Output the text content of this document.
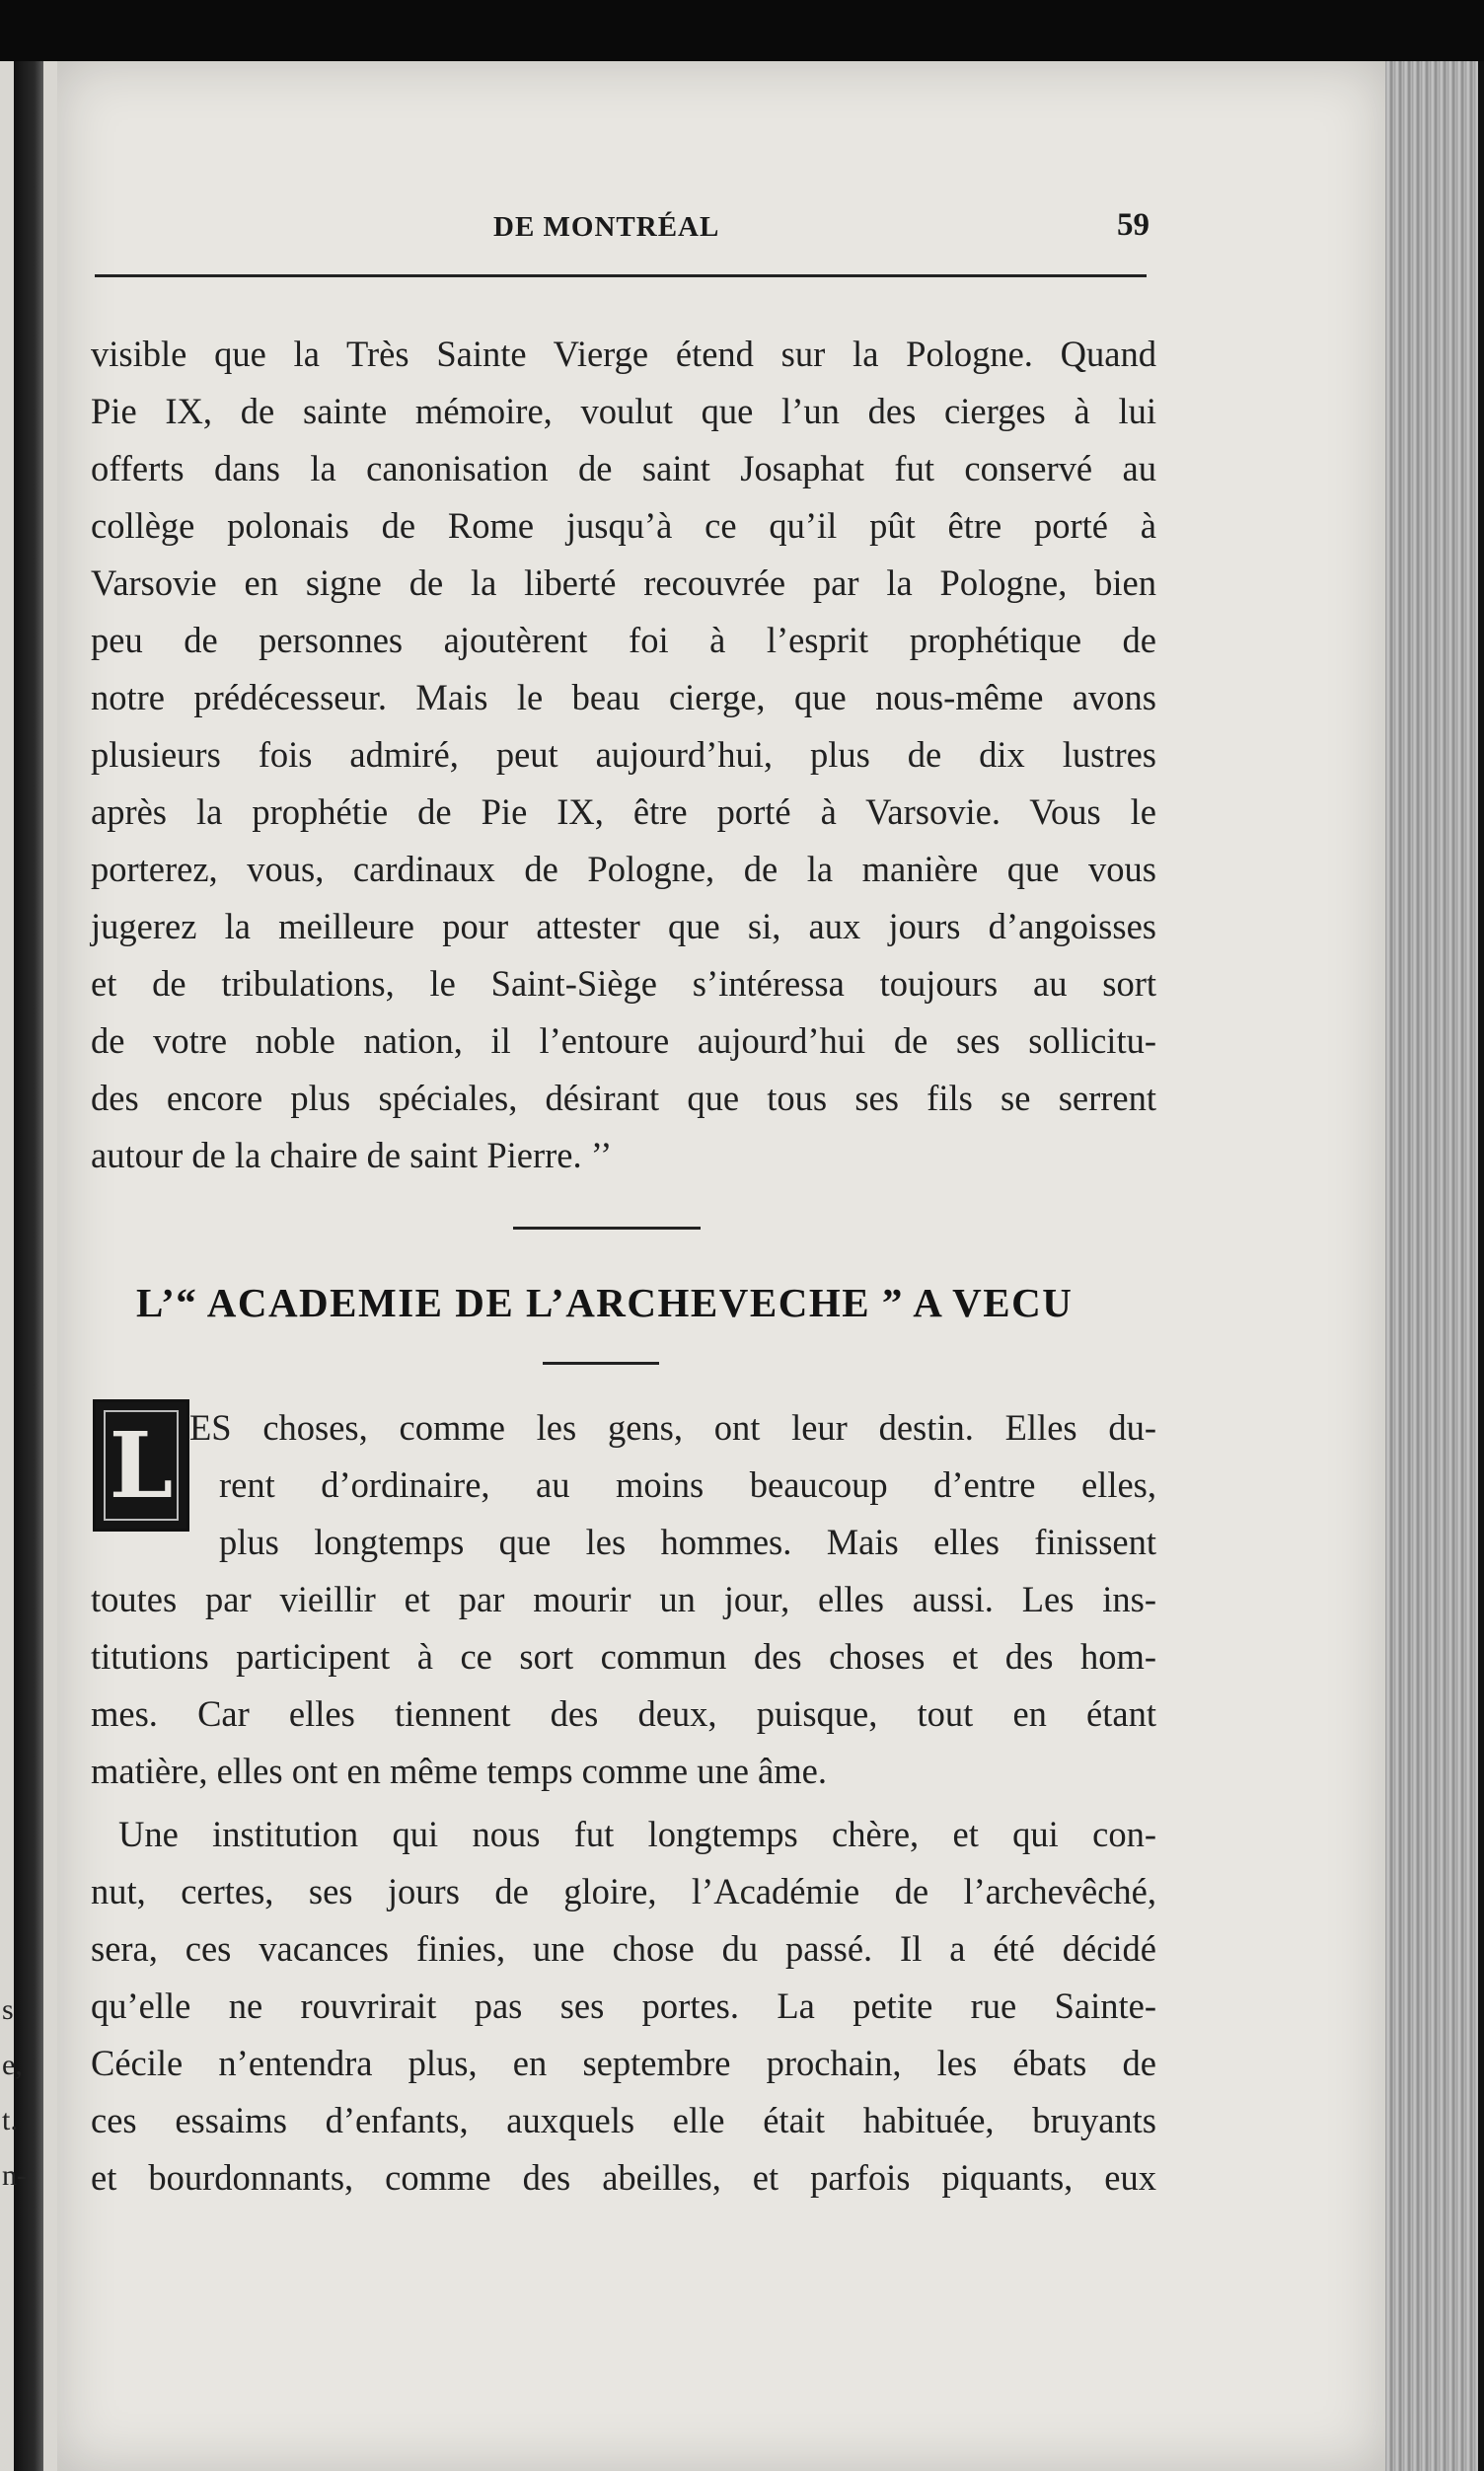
DE MONTRÉAL	59
visible que la Très Sainte Vierge étend sur la Pologne. Quand
Pie IX, de sainte mémoire, voulut que l’un des cierges à lui
offerts dans la canonisation de saint Josaphat fut conservé au
collège polonais de Rome jusqu’à ce qu’il pût être porté à
Varsovie en signe de la liberté recouvrée par la Pologne, bien
peu de personnes ajoutèrent foi à l’esprit prophétique de
notre prédécesseur. Mais le beau cierge, que nous-même avons
plusieurs fois admiré, peut aujourd’hui, plus de dix lustres
après la prophétie de Pie IX, être porté à Varsovie. Vous le
porterez, vous, cardinaux de Pologne, de la manière que vous
jugerez la meilleure pour attester que si, aux jours d’angoisses
et de tribulations, le Saint-Siège s’intéressa toujours au sort
de votre noble nation, il l’entoure aujourd’hui de ses sollicitu-
des encore plus spéciales, désirant que tous ses fils se serrent
autour de la chaire de saint Pierre. ’’
L’“ ACADEMIE DE L’ARCHEVECHE ” A VECU
L ES choses, comme les gens, ont leur destin. Elles du-
rent d’ordinaire, au moins beaucoup d’entre elles,
plus longtemps que les hommes. Mais elles finissent
toutes par vieillir et par mourir un jour, elles aussi. Les ins-
titutions participent à ce sort commun des choses et des hom-
mes. Car elles tiennent des deux, puisque, tout en étant
matière, elles ont en même temps comme une âme.
Une institution qui nous fut longtemps chère, et qui con-
nut, certes, ses jours de gloire, l’Académie de l’archevêché,
sera, ces vacances finies, une chose du passé. Il a été décidé
qu’elle ne rouvrirait pas ses portes. La petite rue Sainte-
Cécile n’entendra plus, en septembre prochain, les ébats de
ces essaims d’enfants, auxquels elle était habituée, bruyants
et bourdonnants, comme des abeilles, et parfois piquants, eux
s
e,
t.
n-
